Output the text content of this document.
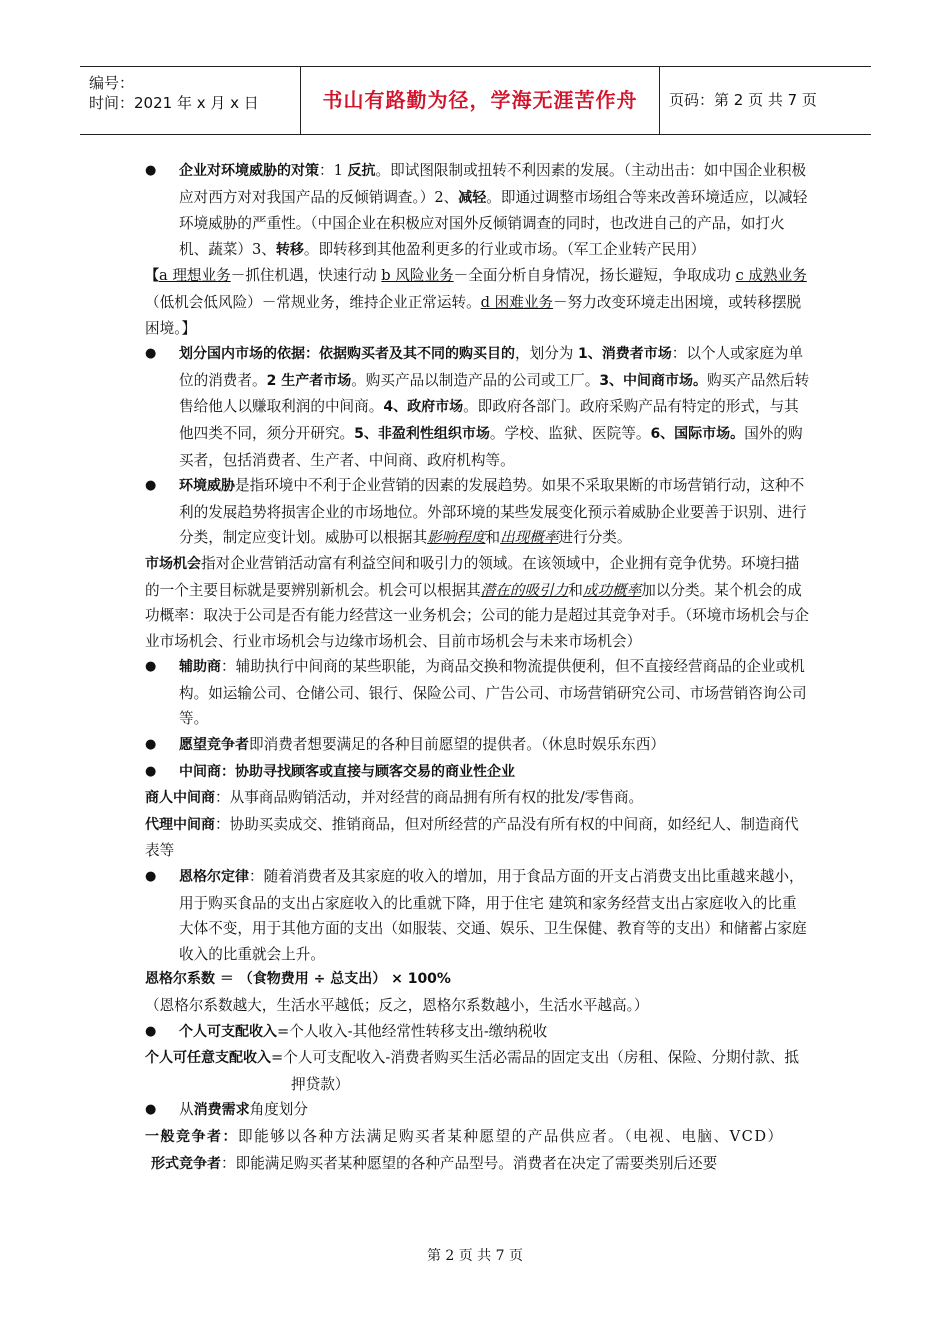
编号：
时间：2021 年 x 月 x 日	书山有路勤为径，学海无涯苦作舟	页码：第 2 页 共 7 页

●	企业对环境威胁的对策：1 反抗。即试图限制或扭转不利因素的发展。（主动出击：如中国企业积极应对西方对对我国产品的反倾销调查。）2、减轻。即通过调整市场组合等来改善环境适应，以减轻环境威胁的严重性。（中国企业在积极应对国外反倾销调查的同时，也改进自己的产品，如打火机、蔬菜）3、转移。即转移到其他盈利更多的行业或市场。（军工企业转产民用）

【a 理想业务－抓住机遇，快速行动 b 风险业务－全面分析自身情况，扬长避短，争取成功 c 成熟业务（低机会低风险）－常规业务，维持企业正常运转。d 困难业务－努力改变环境走出困境，或转移摆脱困境。】

●	划分国内市场的依据：依据购买者及其不同的购买目的，划分为 1、消费者市场：以个人或家庭为单位的消费者。2 生产者市场。购买产品以制造产品的公司或工厂。3、中间商市场。购买产品然后转售给他人以赚取利润的中间商。4、政府市场。即政府各部门。政府采购产品有特定的形式，与其他四类不同，须分开研究。5、非盈利性组织市场。学校、监狱、医院等。6、国际市场。国外的购买者，包括消费者、生产者、中间商、政府机构等。

●	环境威胁是指环境中不利于企业营销的因素的发展趋势。如果不采取果断的市场营销行动，这种不利的发展趋势将损害企业的市场地位。外部环境的某些发展变化预示着威胁企业要善于识别、进行分类，制定应变计划。威胁可以根据其影响程度和出现概率进行分类。

市场机会指对企业营销活动富有利益空间和吸引力的领域。在该领域中，企业拥有竞争优势。环境扫描的一个主要目标就是要辨别新机会。机会可以根据其潜在的吸引力和成功概率加以分类。某个机会的成功概率：取决于公司是否有能力经营这一业务机会；公司的能力是超过其竞争对手。（环境市场机会与企业市场机会、行业市场机会与边缘市场机会、目前市场机会与未来市场机会）

●	辅助商：辅助执行中间商的某些职能，为商品交换和物流提供便利，但不直接经营商品的企业或机构。如运输公司、仓储公司、银行、保险公司、广告公司、市场营销研究公司、市场营销咨询公司等。

●	愿望竞争者即消费者想要满足的各种目前愿望的提供者。（休息时娱乐东西）

●	中间商：协助寻找顾客或直接与顾客交易的商业性企业

商人中间商：从事商品购销活动，并对经营的商品拥有所有权的批发/零售商。

代理中间商：协助买卖成交、推销商品，但对所经营的产品没有所有权的中间商，如经纪人、制造商代表等

●	恩格尔定律：随着消费者及其家庭的收入的增加，用于食品方面的开支占消费支出比重越来越小，用于购买食品的支出占家庭收入的比重就下降，用于住宅 建筑和家务经营支出占家庭收入的比重大体不变，用于其他方面的支出（如服装、交通、娱乐、卫生保健、教育等的支出）和储蓄占家庭收入的比重就会上升。

恩格尔系数 ＝ （食物费用 ÷ 总支出） × 100%

（恩格尔系数越大，生活水平越低；反之，恩格尔系数越小，生活水平越高。）

●	个人可支配收入=个人收入-其他经常性转移支出-缴纳税收

个人可任意支配收入=个人可支配收入-消费者购买生活必需品的固定支出（房租、保险、分期付款、抵押贷款）

●	从消费需求角度划分

一般竞争者：即能够以各种方法满足购买者某种愿望的产品供应者。（电视、电脑、VCD）

形式竞争者：即能满足购买者某种愿望的各种产品型号。消费者在决定了需要类别后还要

第 2 页 共 7 页
